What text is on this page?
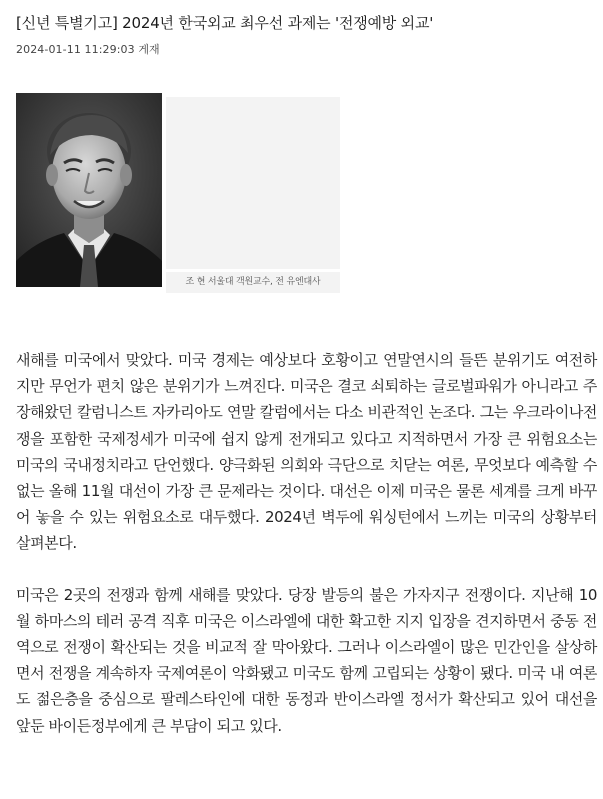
[신년 특별기고] 2024년 한국외교 최우선 과제는 '전쟁예방 외교'
2024-01-11 11:29:03 게재
조 현 서울대 객원교수, 전 유엔대사

새해를 미국에서 맞았다. 미국 경제는 예상보다 호황이고 연말연시의 들뜬 분위기도 여전하지만 무언가 편치 않은 분위기가 느껴진다. 미국은 결코 쇠퇴하는 글로벌파워가 아니라고 주장해왔던 칼럼니스트 자카리아도 연말 칼럼에서는 다소 비관적인 논조다. 그는 우크라이나전쟁을 포함한 국제정세가 미국에 쉽지 않게 전개되고 있다고 지적하면서 가장 큰 위험요소는 미국의 국내정치라고 단언했다. 양극화된 의회와 극단으로 치닫는 여론, 무엇보다 예측할 수 없는 올해 11월 대선이 가장 큰 문제라는 것이다. 대선은 이제 미국은 물론 세계를 크게 바꾸어 놓을 수 있는 위험요소로 대두했다. 2024년 벽두에 워싱턴에서 느끼는 미국의 상황부터 살펴본다.

미국은 2곳의 전쟁과 함께 새해를 맞았다. 당장 발등의 불은 가자지구 전쟁이다. 지난해 10월 하마스의 테러 공격 직후 미국은 이스라엘에 대한 확고한 지지 입장을 견지하면서 중동 전역으로 전쟁이 확산되는 것을 비교적 잘 막아왔다. 그러나 이스라엘이 많은 민간인을 살상하면서 전쟁을 계속하자 국제여론이 악화됐고 미국도 함께 고립되는 상황이 됐다. 미국 내 여론도 젊은층을 중심으로 팔레스타인에 대한 동정과 반이스라엘 정서가 확산되고 있어 대선을 앞둔 바이든정부에게 큰 부담이 되고 있다.
